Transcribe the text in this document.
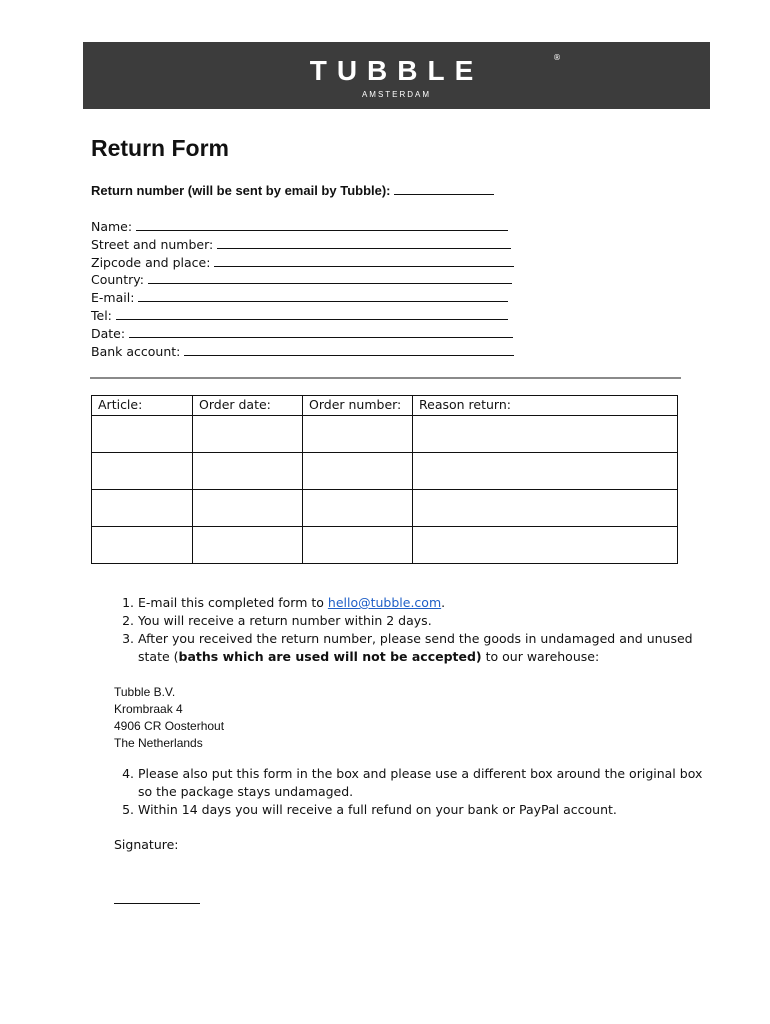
TUBBLE	®
AMSTERDAM
Return Form
Return number (will be sent by email by Tubble):
Name:
Street and number:
Zipcode and place:
Country:
E-mail:
Tel:
Date:
Bank account:
Article:	Order date:	Order number:	Reason return:

1. E-mail this completed form to hello@tubble.com.
2. You will receive a return number within 2 days.
3. After you received the return number, please send the goods in undamaged and unused state (baths which are used will not be accepted) to our warehouse:
Tubble B.V.
Krombraak 4
4906 CR Oosterhout
The Netherlands
4. Please also put this form in the box and please use a different box around the original box so the package stays undamaged.
5. Within 14 days you will receive a full refund on your bank or PayPal account.
Signature:
